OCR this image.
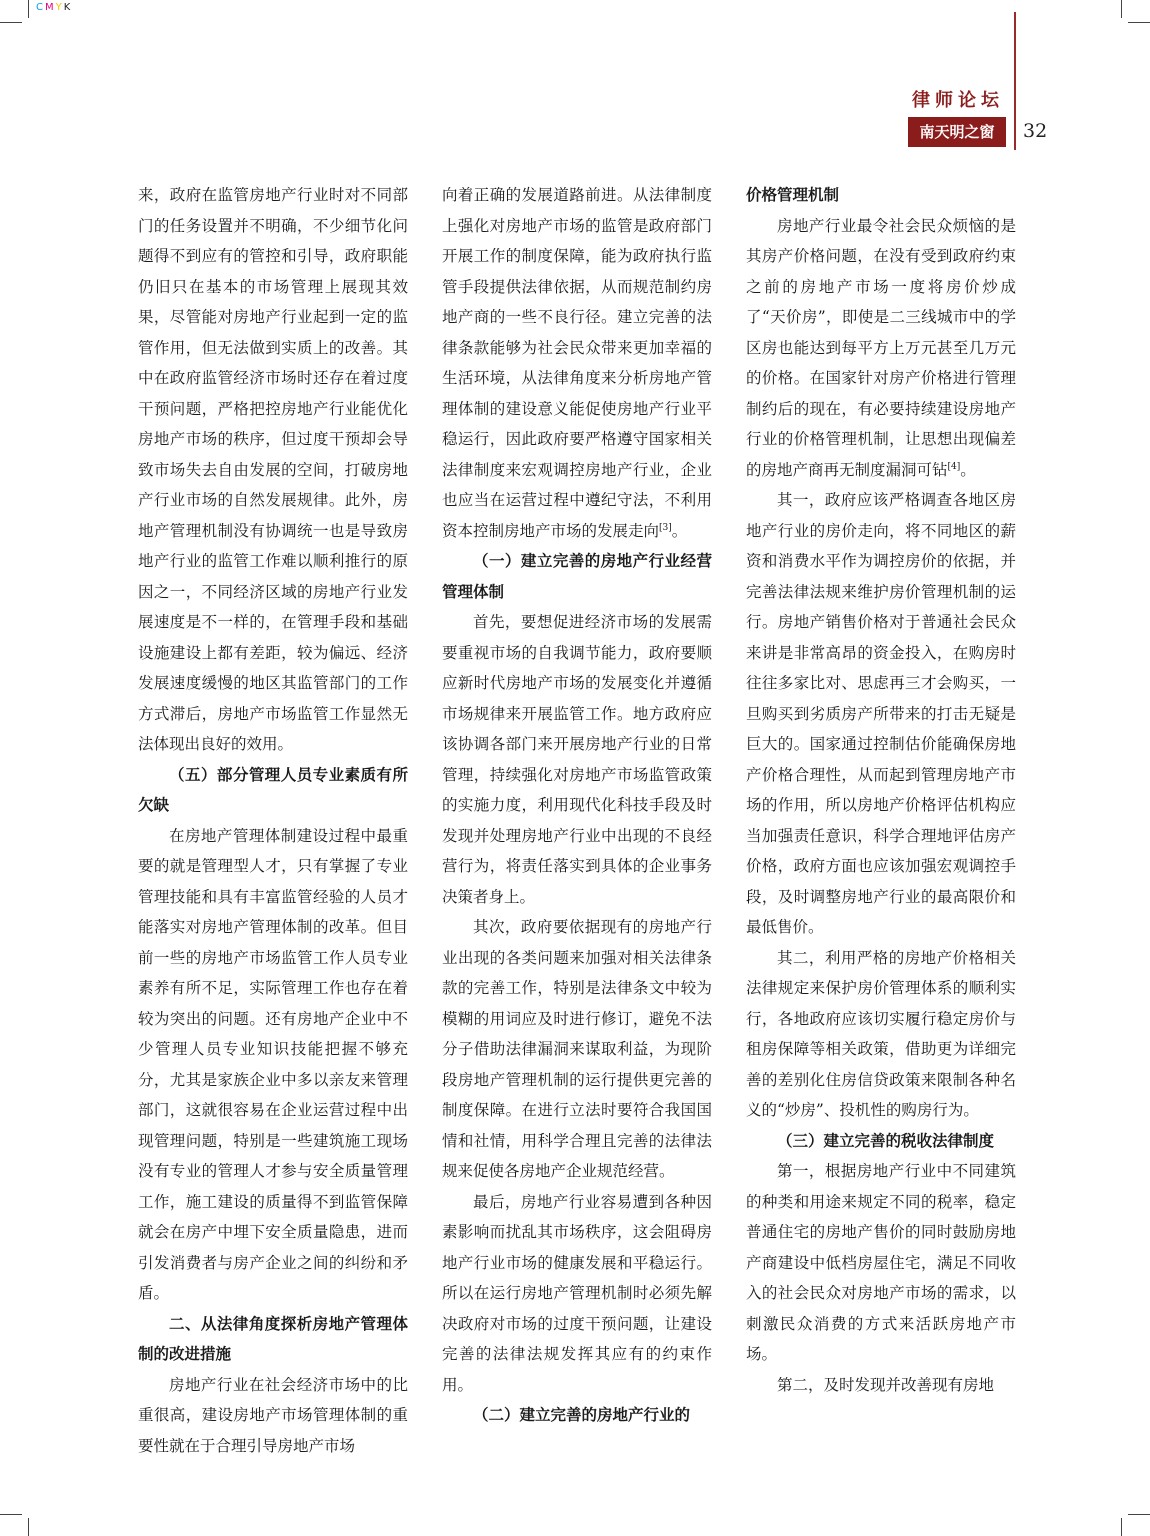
CMYK
律师论坛
南天明之窗	32

来，政府在监管房地产行业时对不同部门的任务设置并不明确，不少细节化问题得不到应有的管控和引导，政府职能仍旧只在基本的市场管理上展现其效果，尽管能对房地产行业起到一定的监管作用，但无法做到实质上的改善。其中在政府监管经济市场时还存在着过度干预问题，严格把控房地产行业能优化房地产市场的秩序，但过度干预却会导致市场失去自由发展的空间，打破房地产行业市场的自然发展规律。此外，房地产管理机制没有协调统一也是导致房地产行业的监管工作难以顺利推行的原因之一，不同经济区域的房地产行业发展速度是不一样的，在管理手段和基础设施建设上都有差距，较为偏远、经济发展速度缓慢的地区其监管部门的工作方式滞后，房地产市场监管工作显然无法体现出良好的效用。

（五）部分管理人员专业素质有所欠缺

在房地产管理体制建设过程中最重要的就是管理型人才，只有掌握了专业管理技能和具有丰富监管经验的人员才能落实对房地产管理体制的改革。但目前一些的房地产市场监管工作人员专业素养有所不足，实际管理工作也存在着较为突出的问题。还有房地产企业中不少管理人员专业知识技能把握不够充分，尤其是家族企业中多以亲友来管理部门，这就很容易在企业运营过程中出现管理问题，特别是一些建筑施工现场没有专业的管理人才参与安全质量管理工作，施工建设的质量得不到监管保障就会在房产中埋下安全质量隐患，进而引发消费者与房产企业之间的纠纷和矛盾。

二、从法律角度探析房地产管理体制的改进措施

房地产行业在社会经济市场中的比重很高，建设房地产市场管理体制的重要性就在于合理引导房地产市场

向着正确的发展道路前进。从法律制度上强化对房地产市场的监管是政府部门开展工作的制度保障，能为政府执行监管手段提供法律依据，从而规范制约房地产商的一些不良行径。建立完善的法律条款能够为社会民众带来更加幸福的生活环境，从法律角度来分析房地产管理体制的建设意义能促使房地产行业平稳运行，因此政府要严格遵守国家相关法律制度来宏观调控房地产行业，企业也应当在运营过程中遵纪守法，不利用资本控制房地产市场的发展走向[3]。

（一）建立完善的房地产行业经营管理体制

首先，要想促进经济市场的发展需要重视市场的自我调节能力，政府要顺应新时代房地产市场的发展变化并遵循市场规律来开展监管工作。地方政府应该协调各部门来开展房地产行业的日常管理，持续强化对房地产市场监管政策的实施力度，利用现代化科技手段及时发现并处理房地产行业中出现的不良经营行为，将责任落实到具体的企业事务决策者身上。

其次，政府要依据现有的房地产行业出现的各类问题来加强对相关法律条款的完善工作，特别是法律条文中较为模糊的用词应及时进行修订，避免不法分子借助法律漏洞来谋取利益，为现阶段房地产管理机制的运行提供更完善的制度保障。在进行立法时要符合我国国情和社情，用科学合理且完善的法律法规来促使各房地产企业规范经营。

最后，房地产行业容易遭到各种因素影响而扰乱其市场秩序，这会阻碍房地产行业市场的健康发展和平稳运行。所以在运行房地产管理机制时必须先解决政府对市场的过度干预问题，让建设完善的法律法规发挥其应有的约束作用。

（二）建立完善的房地产行业的
价格管理机制

房地产行业最令社会民众烦恼的是其房产价格问题，在没有受到政府约束之前的房地产市场一度将房价炒成了“天价房”，即使是二三线城市中的学区房也能达到每平方上万元甚至几万元的价格。在国家针对房产价格进行管理制约后的现在，有必要持续建设房地产行业的价格管理机制，让思想出现偏差的房地产商再无制度漏洞可钻[4]。

其一，政府应该严格调查各地区房地产行业的房价走向，将不同地区的薪资和消费水平作为调控房价的依据，并完善法律法规来维护房价管理机制的运行。房地产销售价格对于普通社会民众来讲是非常高昂的资金投入，在购房时往往多家比对、思虑再三才会购买，一旦购买到劣质房产所带来的打击无疑是巨大的。国家通过控制估价能确保房地产价格合理性，从而起到管理房地产市场的作用，所以房地产价格评估机构应当加强责任意识，科学合理地评估房产价格，政府方面也应该加强宏观调控手段，及时调整房地产行业的最高限价和最低售价。

其二，利用严格的房地产价格相关法律规定来保护房价管理体系的顺利实行，各地政府应该切实履行稳定房价与租房保障等相关政策，借助更为详细完善的差别化住房信贷政策来限制各种名义的“炒房”、投机性的购房行为。

（三）建立完善的税收法律制度

第一，根据房地产行业中不同建筑的种类和用途来规定不同的税率，稳定普通住宅的房地产售价的同时鼓励房地产商建设中低档房屋住宅，满足不同收入的社会民众对房地产市场的需求，以刺激民众消费的方式来活跃房地产市场。

第二，及时发现并改善现有房地
